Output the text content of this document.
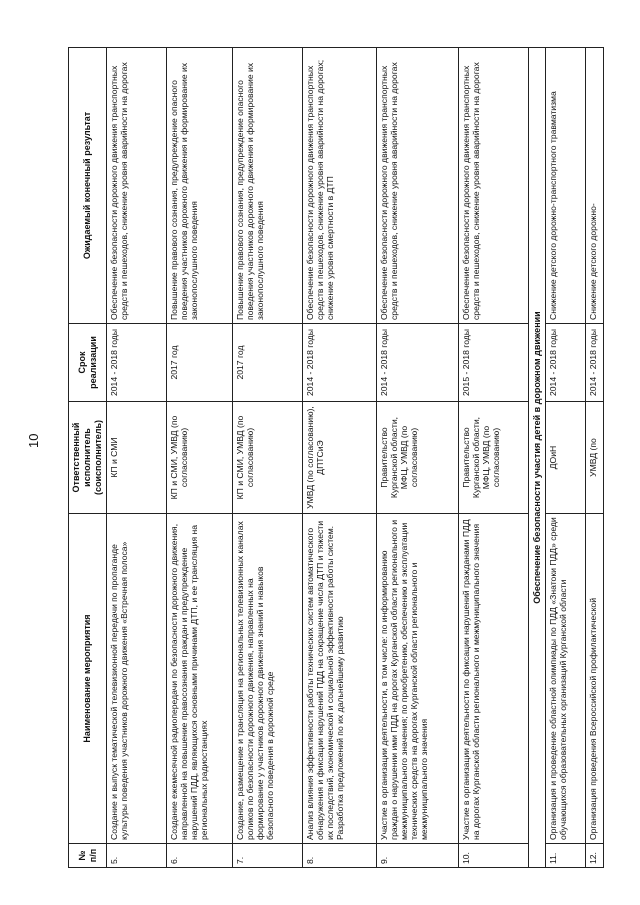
10
№ п/п	Наименование мероприятия	Ответственный исполнитель (соисполнитель)	Срок реализации	Ожидаемый конечный результат
5.	Создание и выпуск тематической телевизионной передачи по пропаганде культуры поведения участников дорожного движения «Встречная полоса»	КП и СМИ	2014 - 2018 годы	Обеспечение безопасности дорожного движения транспортных средств и пешеходов, снижение уровня аварийности на дорогах
6.	Создание ежемесячной радиопередачи по безопасности дорожного движения, направленной на повышение правосознания граждан и предупреждение нарушений ПДД, являющихся основными причинами ДТП, и ее трансляция на региональных радиостанциях	КП и СМИ, УМВД (по согласованию)	2017 год	Повышение правового сознания, предупреждение опасного поведения участников дорожного движения и формирование их законопослушного поведения
7.	Создание, размещение и трансляция на региональных телевизионных каналах роликов по безопасности дорожного движения, направленных на формирование у участников дорожного движения знаний и навыков безопасного поведения в дорожной среде	КП и СМИ, УМВД (по согласованию)	2017 год	Повышение правового сознания, предупреждение опасного поведения участников дорожного движения и формирование их законопослушного поведения
8.	Анализ влияния эффективности работы технических систем автоматического обнаружения и фиксации нарушений ПДД на сокращение числа ДТП и тяжести их последствий, экономической и социальной эффективности работы систем. Разработка предложений по их дальнейшему развитию	УМВД (по согласованию), ДПТСиЭ	2014 - 2018 годы	Обеспечение безопасности дорожного движения транспортных средств и пешеходов, снижение уровня аварийности на дорогах; снижение уровня смертности в ДТП
9.	Участие в организации деятельности, в том числе: по информированию граждан о нарушении ими ПДД на дорогах Курганской области регионального и межмуниципального значения; по приобретению, обеспечению и эксплуатации технических средств на дорогах Курганской области регионального и межмуниципального значения	Правительство Курганской области, МФЦ, УМВД (по согласованию)	2014 - 2018 годы	Обеспечение безопасности дорожного движения транспортных средств и пешеходов, снижение уровня аварийности на дорогах
10.	Участие в организации деятельности по фиксации нарушений гражданами ПДД на дорогах Курганской области регионального и межмуниципального значения	Правительство Курганской области, МФЦ, УМВД (по согласованию)	2015 - 2018 годы	Обеспечение безопасности дорожного движения транспортных средств и пешеходов, снижение уровня аварийности на дорогах
Обеспечение безопасности участия детей в дорожном движении				
11.	Организация и проведение областной олимпиады по ПДД «Знатоки ПДД» среди обучающихся образовательных организаций Курганской области	ДОиН	2014 - 2018 годы	Снижение детского дорожно-транспортного травматизма
12.	Организация проведения Всероссийской профилактической	УМВД (по	2014 - 2018 годы	Снижение детского дорожно-
